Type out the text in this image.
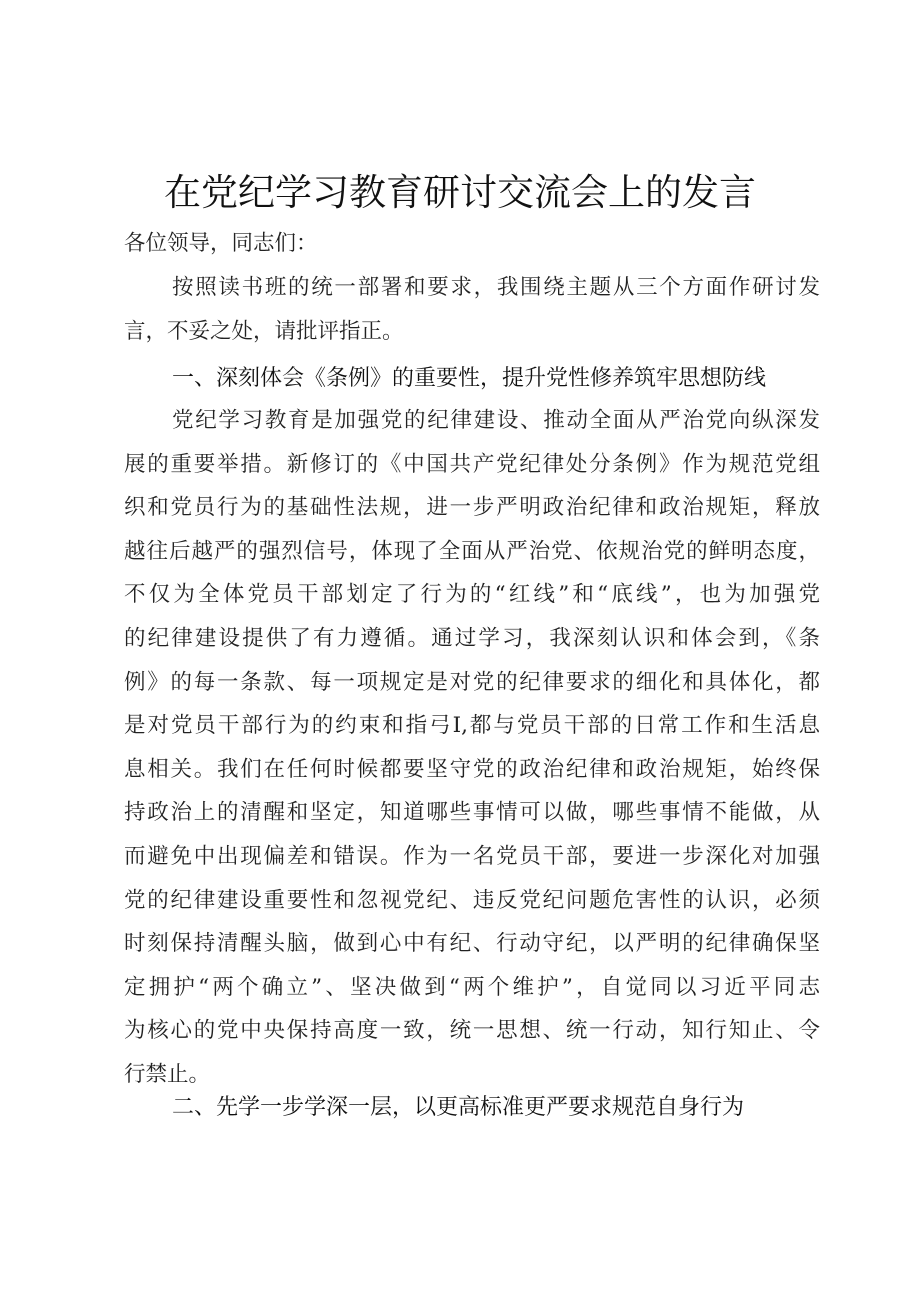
在党纪学习教育研讨交流会上的发言
各位领导，同志们：
按照读书班的统一部署和要求，我围绕主题从三个方面作研讨发
言，不妥之处，请批评指正。
一、深刻体会《条例》的重要性，提升党性修养筑牢思想防线
党纪学习教育是加强党的纪律建设、推动全面从严治党向纵深发
展的重要举措。新修订的《中国共产党纪律处分条例》作为规范党组
织和党员行为的基础性法规，进一步严明政治纪律和政治规矩，释放
越往后越严的强烈信号，体现了全面从严治党、依规治党的鲜明态度，
不仅为全体党员干部划定了行为的“红线”和“底线”，也为加强党
的纪律建设提供了有力遵循。通过学习，我深刻认识和体会到，《条
例》的每一条款、每一项规定是对党的纪律要求的细化和具体化，都
是对党员干部行为的约束和指弓I,都与党员干部的日常工作和生活息
息相关。我们在任何时候都要坚守党的政治纪律和政治规矩，始终保
持政治上的清醒和坚定，知道哪些事情可以做，哪些事情不能做，从
而避免中出现偏差和错误。作为一名党员干部，要进一步深化对加强
党的纪律建设重要性和忽视党纪、违反党纪问题危害性的认识，必须
时刻保持清醒头脑，做到心中有纪、行动守纪，以严明的纪律确保坚
定拥护“两个确立”、坚决做到“两个维护”，自觉同以习近平同志
为核心的党中央保持高度一致，统一思想、统一行动，知行知止、令
行禁止。
二、先学一步学深一层，以更高标准更严要求规范自身行为
